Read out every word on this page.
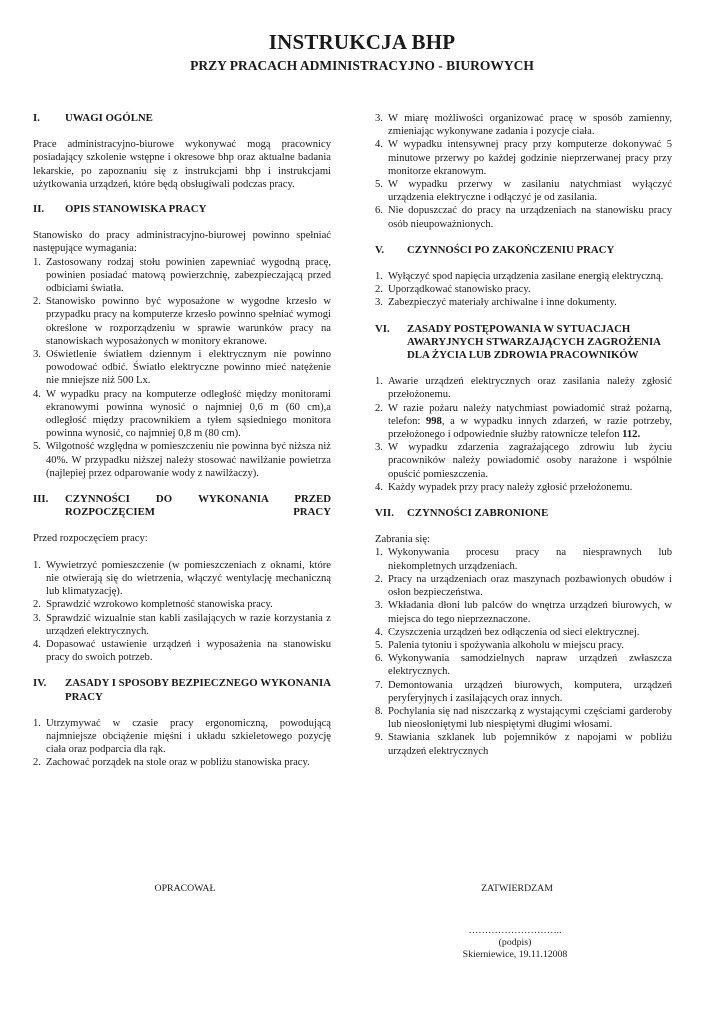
INSTRUKCJA BHP
PRZY PRACACH ADMINISTRACYJNO - BIUROWYCH
I.	UWAGI OGÓLNE

Prace administracyjno-biurowe wykonywać mogą pracownicy posiadający szkolenie wstępne i okresowe bhp oraz aktualne badania lekarskie, po zapoznaniu się z instrukcjami bhp i instrukcjami użytkowania urządzeń, które będą obsługiwali podczas pracy.

II.	OPIS STANOWISKA PRACY

Stanowisko do pracy administracyjno-biurowej powinno spełniać następujące wymagania:

1. Zastosowany rodzaj stołu powinien zapewniać wygodną pracę, powinien posiadać matową powierzchnię, zabezpieczającą przed odbiciami światła.
2. Stanowisko powinno być wyposażone w wygodne krzesło w przypadku pracy na komputerze krzesło powinno spełniać wymogi określone w rozporządzeniu w sprawie warunków pracy na stanowiskach wyposażonych w monitory ekranowe.
3. Oświetlenie światłem dziennym i elektrycznym nie powinno powodować odbić. Światło elektryczne powinno mieć natężenie nie mniejsze niż 500 Lx.
4. W wypadku pracy na komputerze odległość między monitorami ekranowymi powinna wynosić o najmniej 0,6 m (60 cm),a odległość między pracownikiem a tyłem sąsiedniego monitora powinna wynosić, co najmniej 0,8 m (80 cm).
5. Wilgotność względna w pomieszczeniu nie powinna być niższa niż 40%. W przypadku niższej należy stosować nawilżanie powietrza (najlepiej przez odparowanie wody z nawilżaczy).
III.	CZYNNOŚCI DO WYKONANIA PRZED ROZPOCZĘCIEM PRACY

Przed rozpoczęciem pracy:

1. Wywietrzyć pomieszczenie (w pomieszczeniach z oknami, które nie otwierają się do wietrzenia, włączyć wentylację mechaniczną lub klimatyzację).
2. Sprawdzić wzrokowo kompletność stanowiska pracy.
3. Sprawdzić wizualnie stan kabli zasilających w razie korzystania z urządzeń elektrycznych.
4. Dopasować ustawienie urządzeń i wyposażenia na stanowisku pracy do swoich potrzeb.
IV.	ZASADY I SPOSOBY BEZPIECZNEGO WYKONANIA PRACY
1. Utrzymywać w czasie pracy ergonomiczną, powodującą najmniejsze obciążenie mięśni i układu szkieletowego pozycję ciała oraz podparcia dla rąk.
2. Zachować porządek na stole oraz w pobliżu stanowiska pracy.
3. W miarę możliwości organizować pracę w sposób zamienny, zmieniając wykonywane zadania i pozycje ciała.
4. W wypadku intensywnej pracy przy komputerze dokonywać 5 minutowe przerwy po każdej godzinie nieprzerwanej pracy przy monitorze ekranowym.
5. W wypadku przerwy w zasilaniu natychmiast wyłączyć urządzenia elektryczne i odłączyć je od zasilania.
6. Nie dopuszczać do pracy na urządzeniach na stanowisku pracy osób nieupoważnionych.
V.	CZYNNOŚCI PO ZAKOŃCZENIU PRACY
1. Wyłączyć spod napięcia urządzenia zasilane energią elektryczną.
2. Uporządkować stanowisko pracy.
3. Zabezpieczyć materiały archiwalne i inne dokumenty.
VI.	ZASADY POSTĘPOWANIA W SYTUACJACH AWARYJNYCH STWARZAJĄCYCH ZAGROŻENIA DLA ŻYCIA LUB ZDROWIA PRACOWNIKÓW
1. Awarie urządzeń elektrycznych oraz zasilania należy zgłosić przełożonemu.
2. W razie pożaru należy natychmiast powiadomić straż pożarną, telefon: 998, a w wypadku innych zdarzeń, w razie potrzeby, przełożonego i odpowiednie służby ratownicze telefon 112.
3. W wypadku zdarzenia zagrażającego zdrowiu lub życiu pracowników należy powiadomić osoby narażone i wspólnie opuścić pomieszczenia.
4. Każdy wypadek przy pracy należy zgłosić przełożonemu.
VII.	CZYNNOŚCI ZABRONIONE

Zabrania się:

1. Wykonywania procesu pracy na niesprawnych lub niekompletnych urządzeniach.
2. Pracy na urządzeniach oraz maszynach pozbawionych obudów i osłon bezpieczeństwa.
3. Wkładania dłoni lub palców do wnętrza urządzeń biurowych, w miejsca do tego nieprzeznaczone.
4. Czyszczenia urządzeń bez odłączenia od sieci elektrycznej.
5. Palenia tytoniu i spożywania alkoholu w miejscu pracy.
6. Wykonywania samodzielnych napraw urządzeń zwłaszcza elektrycznych.
7. Demontowania urządzeń biurowych, komputera, urządzeń peryferyjnych i zasilających oraz innych.
8. Pochylania się nad niszczarką z wystającymi częściami garderoby lub nieosłoniętymi lub niespiętymi długimi włosami.
9. Stawiania szklanek lub pojemników z napojami w pobliżu urządzeń elektrycznych
OPRACOWAŁ	ZATWIERDZAM
………………………..
(podpis)
Skierniewice, 19.11.12008
